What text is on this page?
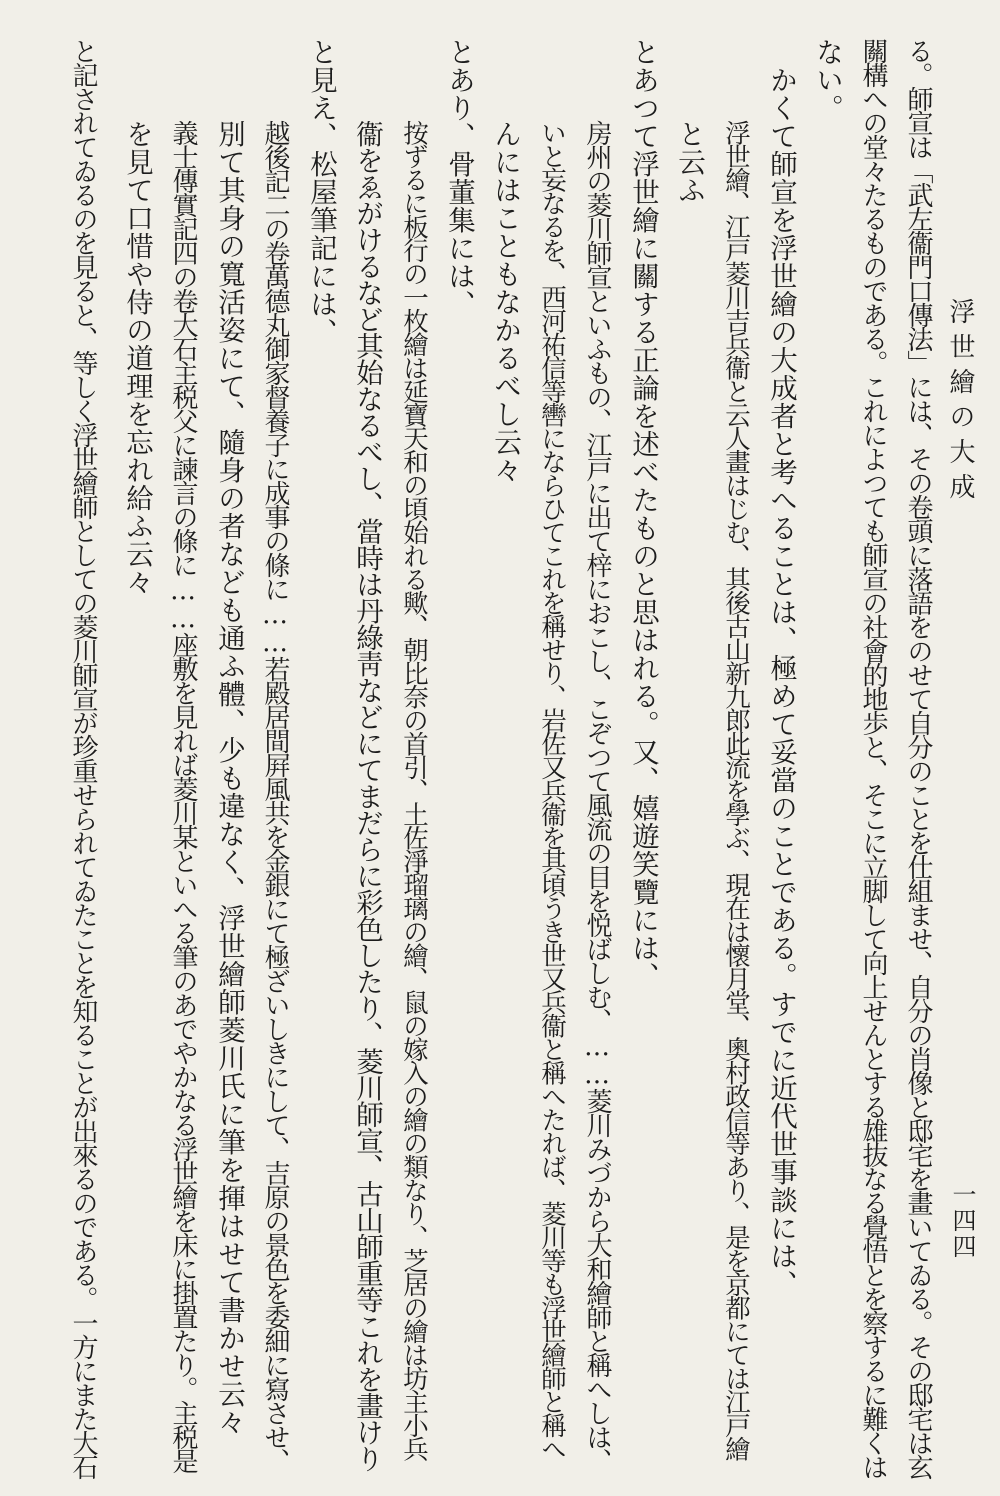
浮世繪の大成
一四四
る。師宣は「武左衞門口傳法」には、その卷頭に落語をのせて自分のことを仕組ませ、自分の肖像と邸宅を畫いてゐる。その邸宅は玄
關構への堂々たるものである。これによつても師宣の社會的地歩と、そこに立脚して向上せんとする雄抜なる覺悟とを察するに難くは
ない。
かくて師宣を浮世繪の大成者と考へることは、極めて妥當のことである。すでに近代世事談には、
浮世繪、江戸菱川吉兵衞と云人畫はじむ、其後古山新九郎此流を學ぶ、現在は懷月堂、奧村政信等あり、是を京都にては江戸繪
と云ふ
とあつて浮世繪に關する正論を述べたものと思はれる。又、嬉遊笑覽には、
房州の菱川師宣といふもの、江戸に出て梓におこし、こぞつて風流の目を悦ばしむ、……菱川みづから大和繪師と稱へしは、
いと妄なるを、西河祐信等轡にならひてこれを稱せり、岩佐又兵衞を其頃うき世又兵衞と稱へたれば、菱川等も浮世繪師と稱へ
んにはこともなかるべし云々
とあり、骨董集には、
按ずるに板行の一枚繪は延寶天和の頃始れる歟、朝比奈の首引、土佐淨瑠璃の繪、鼠の嫁入の繪の類なり、芝居の繪は坊主小兵
衞をゑがけるなど其始なるべし、當時は丹綠靑などにてまだらに彩色したり、菱川師宣、古山師重等これを畫けり
と見え、松屋筆記には、
越後記二の卷萬德丸御家督養子に成事の條に……若殿居間屛風共を金銀にて極ざいしきにして、吉原の景色を委細に寫させ、
別て其身の寬活姿にて、隨身の者なども通ふ體、少も違なく、浮世繪師菱川氏に筆を揮はせて書かせ云々
義士傳實記四の卷大石主税父に諫言の條に……座敷を見れば菱川某といへる筆のあでやかなる浮世繪を床に掛置たり。主税是
を見て口惜や侍の道理を忘れ給ふ云々
と記されてゐるのを見ると、等しく浮世繪師としての菱川師宣が珍重せられてゐたことを知ることが出來るのである。一方にまた大石
